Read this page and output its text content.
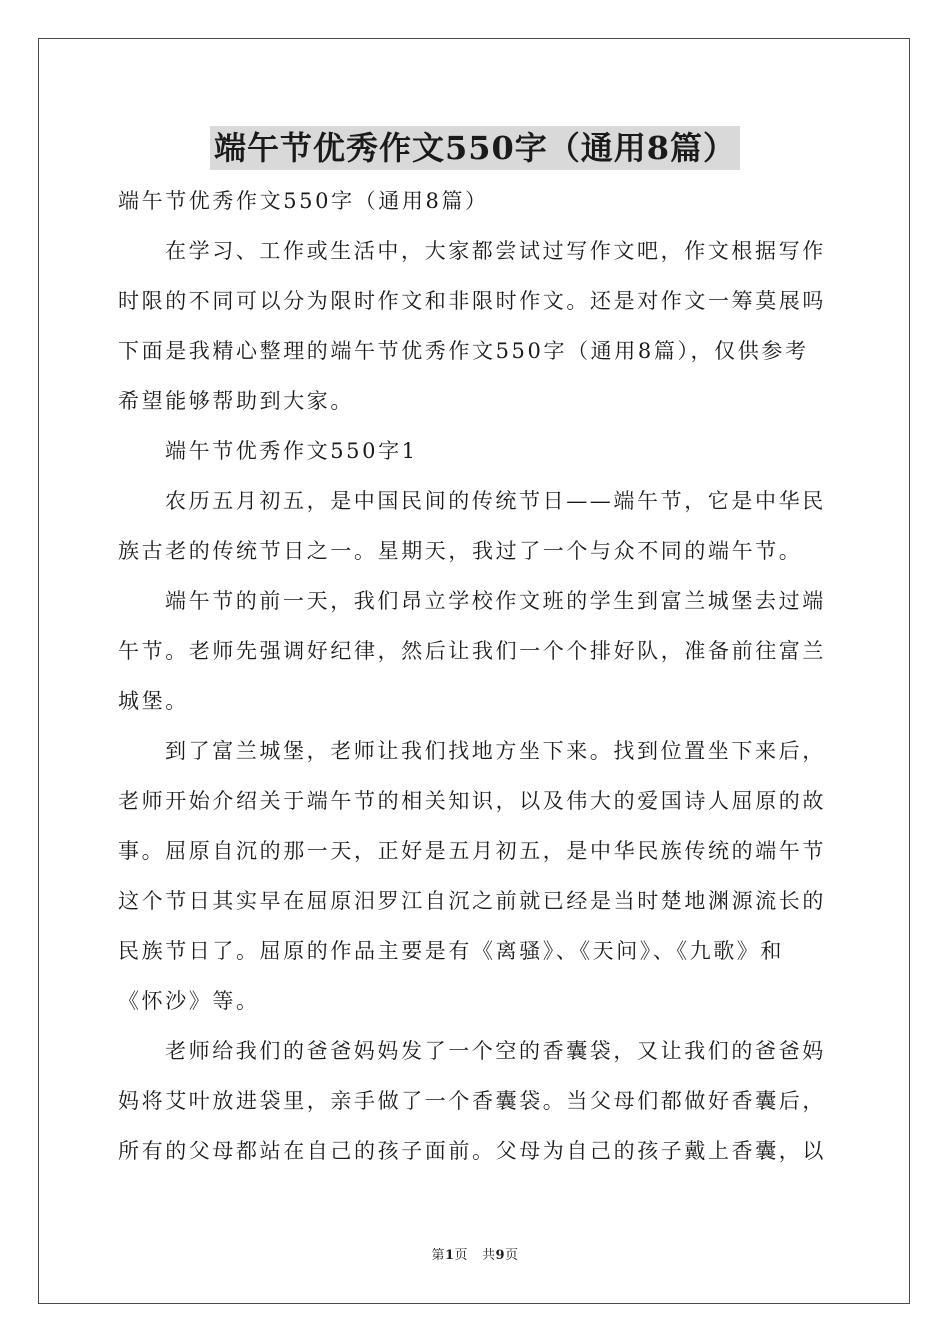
端午节优秀作文550字（通用8篇）

端午节优秀作文550字（通用8篇）

在学习、工作或生活中，大家都尝试过写作文吧，作文根据写作
时限的不同可以分为限时作文和非限时作文。还是对作文一筹莫展吗
下面是我精心整理的端午节优秀作文550字（通用8篇），仅供参考
希望能够帮助到大家。

端午节优秀作文550字1

农历五月初五，是中国民间的传统节日——端午节，它是中华民
族古老的传统节日之一。星期天，我过了一个与众不同的端午节。

端午节的前一天，我们昂立学校作文班的学生到富兰城堡去过端
午节。老师先强调好纪律，然后让我们一个个排好队，准备前往富兰
城堡。

到了富兰城堡，老师让我们找地方坐下来。找到位置坐下来后，
老师开始介绍关于端午节的相关知识，以及伟大的爱国诗人屈原的故
事。屈原自沉的那一天，正好是五月初五，是中华民族传统的端午节
这个节日其实早在屈原汨罗江自沉之前就已经是当时楚地渊源流长的
民族节日了。屈原的作品主要是有《离骚》、《天问》、《九歌》和
《怀沙》等。

老师给我们的爸爸妈妈发了一个空的香囊袋，又让我们的爸爸妈
妈将艾叶放进袋里，亲手做了一个香囊袋。当父母们都做好香囊后，
所有的父母都站在自己的孩子面前。父母为自己的孩子戴上香囊，以

第1页 共9页
